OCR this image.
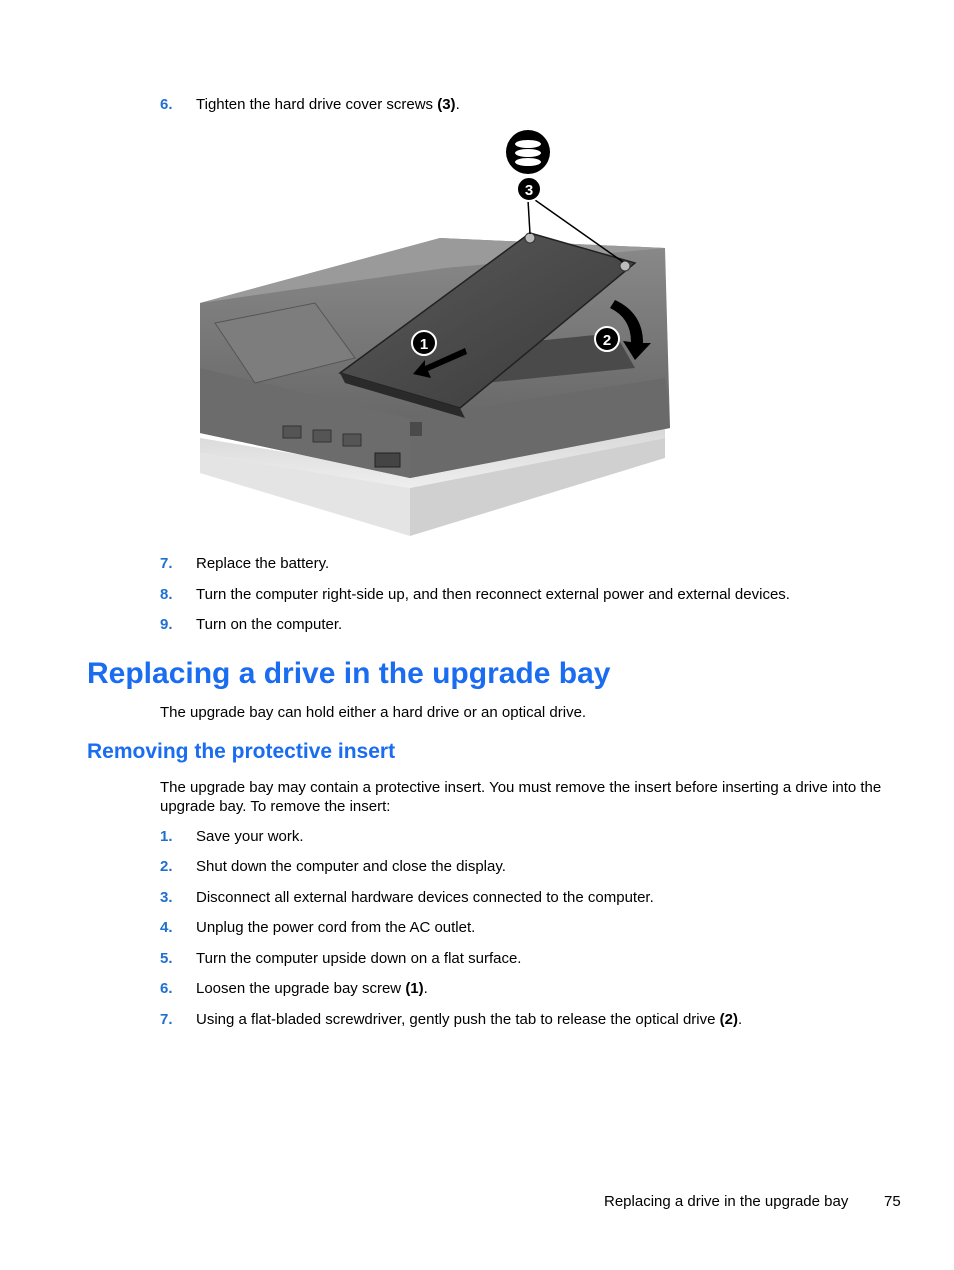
6. Tighten the hard drive cover screws (3).
3
1	2
7. Replace the battery.
8. Turn the computer right-side up, and then reconnect external power and external devices.
9. Turn on the computer.
Replacing a drive in the upgrade bay

The upgrade bay can hold either a hard drive or an optical drive.

Removing the protective insert

The upgrade bay may contain a protective insert. You must remove the insert before inserting a drive into the upgrade bay. To remove the insert:

1. Save your work.
2. Shut down the computer and close the display.
3. Disconnect all external hardware devices connected to the computer.
4. Unplug the power cord from the AC outlet.
5. Turn the computer upside down on a flat surface.
6. Loosen the upgrade bay screw (1).
7. Using a flat-bladed screwdriver, gently push the tab to release the optical drive (2).
Replacing a drive in the upgrade bay 75
